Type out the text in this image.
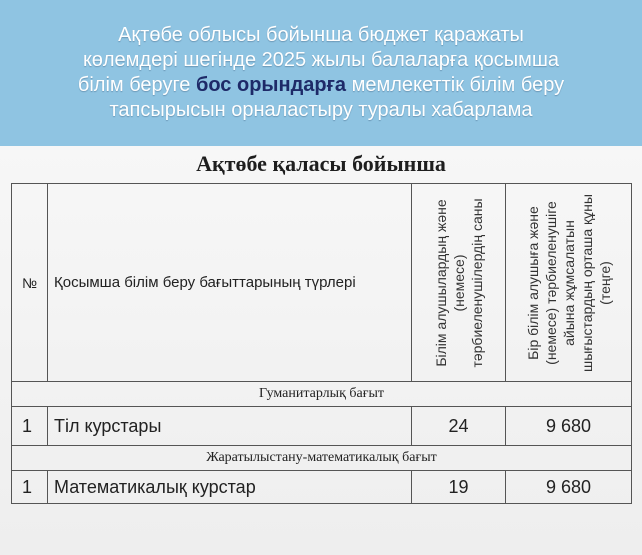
Ақтөбе облысы бойынша бюджет қаражаты
көлемдері шегінде 2025 жылы балаларға қосымша
білім беруге бос орындарға мемлекеттік білім беру
тапсырысын орналастыру туралы хабарлама
Ақтөбе қаласы бойынша
№	Қосымша білім беру бағыттарының түрлері	Білім алушылардың және (немесе) тәрбиеленушілердің саны	Бір білім алушыға және (немесе) тәрбиеленушіге айына жұмсалатын шығыстардың орташа құны (теңге)

Гуманитарлық бағыт			
1	Тіл курстары	24	9 680
Жаратылыстану-математикалық бағыт			
1	Математикалық курстар	19	9 680
